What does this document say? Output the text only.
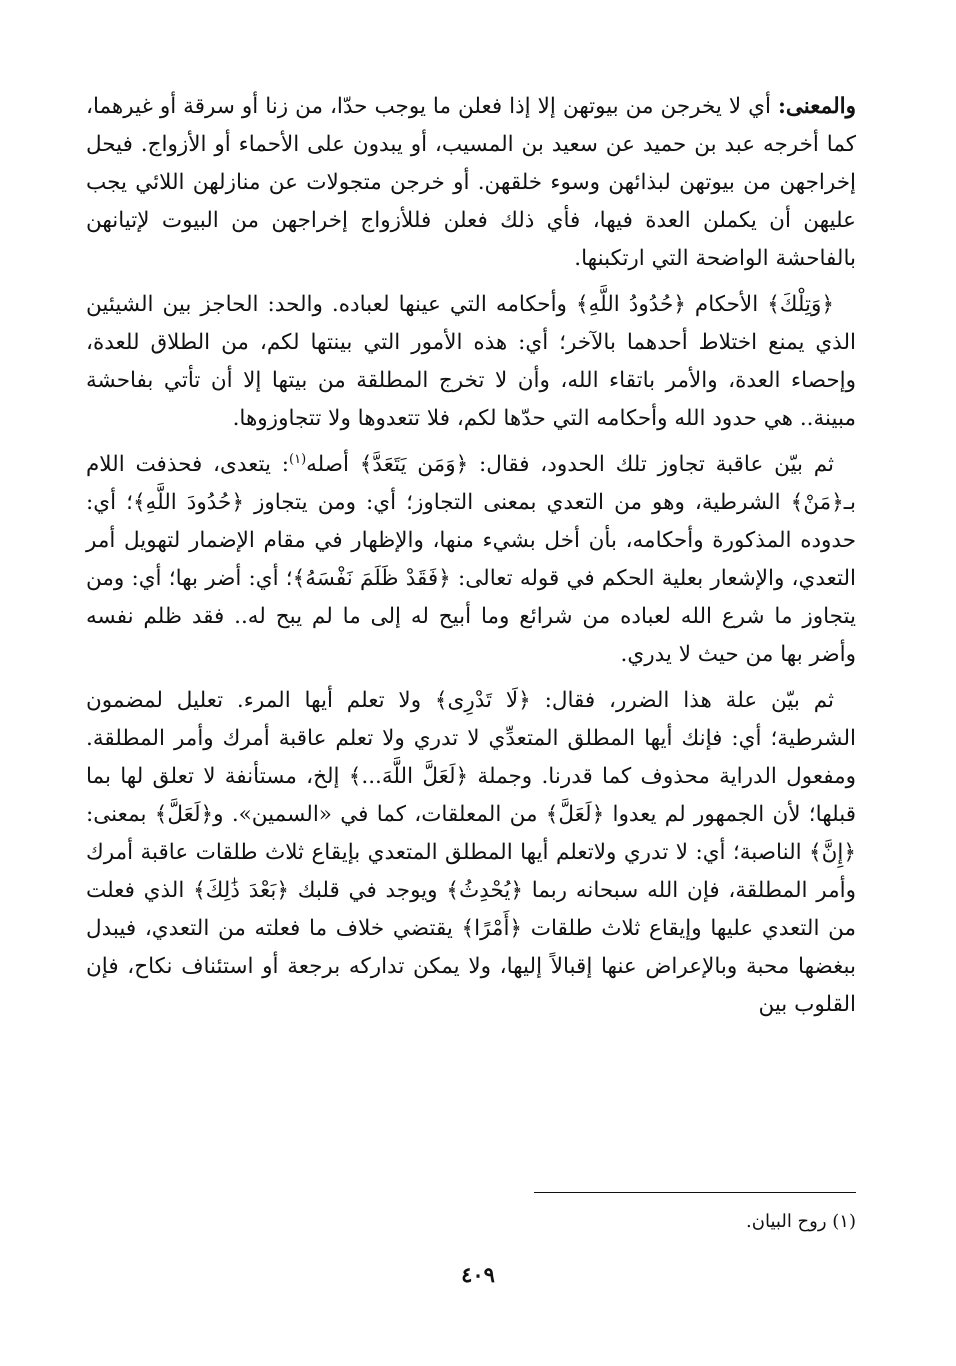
والمعنى: أي لا يخرجن من بيوتهن إلا إذا فعلن ما يوجب حدّا، من زنا أو سرقة أو غيرهما، كما أخرجه عبد بن حميد عن سعيد بن المسيب، أو يبدون على الأحماء أو الأزواج. فيحل إخراجهن من بيوتهن لبذائهن وسوء خلقهن. أو خرجن متجولات عن منازلهن اللائي يجب عليهن أن يكملن العدة فيها، فأي ذلك فعلن فللأزواج إخراجهن من البيوت لإتيانهن بالفاحشة الواضحة التي ارتكبنها.

﴿وَتِلْكَ﴾ الأحكام ﴿حُدُودُ اللَّهِ﴾ وأحكامه التي عينها لعباده. والحد: الحاجز بين الشيئين الذي يمنع اختلاط أحدهما بالآخر؛ أي: هذه الأمور التي بينتها لكم، من الطلاق للعدة، وإحصاء العدة، والأمر باتقاء الله، وأن لا تخرج المطلقة من بيتها إلا أن تأتي بفاحشة مبينة.. هي حدود الله وأحكامه التي حدّها لكم، فلا تتعدوها ولا تتجاوزوها.

ثم بيّن عاقبة تجاوز تلك الحدود، فقال: ﴿وَمَن يَتَعَدَّ﴾ أصله$^{(١)}$: يتعدى، فحذفت اللام بـ﴿مَنْ﴾ الشرطية، وهو من التعدي بمعنى التجاوز؛ أي: ومن يتجاوز ﴿حُدُودَ اللَّهِ﴾؛ أي: حدوده المذكورة وأحكامه، بأن أخل بشيء منها، والإظهار في مقام الإضمار لتهويل أمر التعدي، والإشعار بعلية الحكم في قوله تعالى: ﴿فَقَدْ ظَلَمَ نَفْسَهُ﴾؛ أي: أضر بها؛ أي: ومن يتجاوز ما شرع الله لعباده من شرائع وما أبيح له إلى ما لم يبح له.. فقد ظلم نفسه وأضر بها من حيث لا يدري.

ثم بيّن علة هذا الضرر، فقال: ﴿لَا تَدْرِى﴾ ولا تعلم أيها المرء. تعليل لمضمون الشرطية؛ أي: فإنك أيها المطلق المتعدِّي لا تدري ولا تعلم عاقبة أمرك وأمر المطلقة. ومفعول الدراية محذوف كما قدرنا. وجملة ﴿لَعَلَّ اللَّهَ...﴾ إلخ، مستأنفة لا تعلق لها بما قبلها؛ لأن الجمهور لم يعدوا ﴿لَعَلَّ﴾ من المعلقات، كما في «السمين». و﴿لَعَلَّ﴾ بمعنى: ﴿إِنَّ﴾ الناصبة؛ أي: لا تدري ولاتعلم أيها المطلق المتعدي بإيقاع ثلاث طلقات عاقبة أمرك وأمر المطلقة، فإن الله سبحانه ربما ﴿يُحْدِثُ﴾ ويوجد في قلبك ﴿بَعْدَ ذَٰلِكَ﴾ الذي فعلت من التعدي عليها وإيقاع ثلاث طلقات ﴿أَمْرًا﴾ يقتضي خلاف ما فعلته من التعدي، فيبدل ببغضها محبة وبالإعراض عنها إقبالاً إليها، ولا يمكن تداركه برجعة أو استئناف نكاح، فإن القلوب بين

(١) روح البيان.
٤٠٩
